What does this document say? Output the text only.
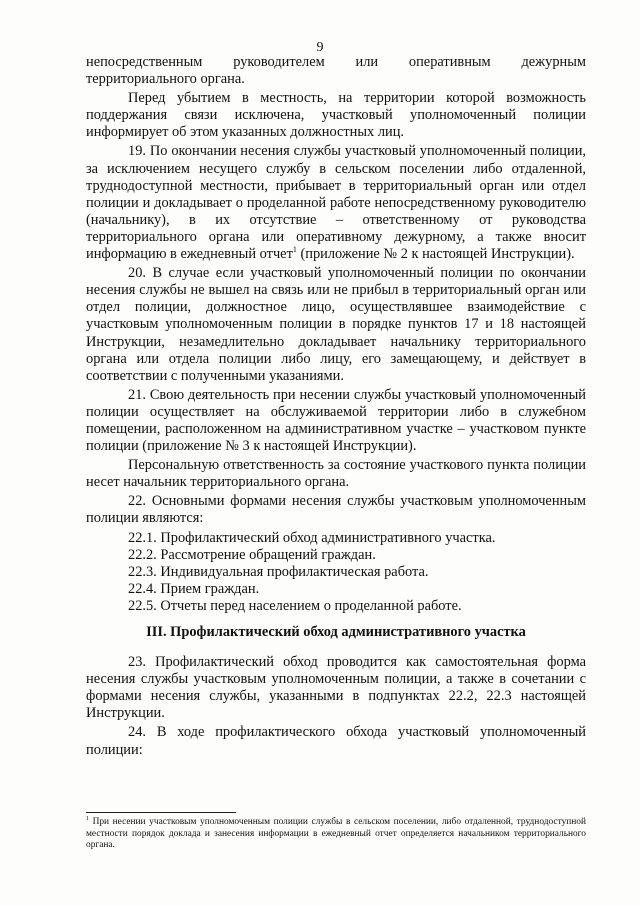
9

непосредственным руководителем или оперативным дежурным территориального органа.

Перед убытием в местность, на территории которой возможность поддержания связи исключена, участковый уполномоченный полиции информирует об этом указанных должностных лиц.

19. По окончании несения службы участковый уполномоченный полиции, за исключением несущего службу в сельском поселении либо отдаленной, труднодоступной местности, прибывает в территориальный орган или отдел полиции и докладывает о проделанной работе непосредственному руководителю (начальнику), в их отсутствие – ответственному от руководства территориального органа или оперативному дежурному, а также вносит информацию в ежедневный отчет$^1$ (приложение № 2 к настоящей Инструкции).

20. В случае если участковый уполномоченный полиции по окончании несения службы не вышел на связь или не прибыл в территориальный орган или отдел полиции, должностное лицо, осуществлявшее взаимодействие с участковым уполномоченным полиции в порядке пунктов 17 и 18 настоящей Инструкции, незамедлительно докладывает начальнику территориального органа или отдела полиции либо лицу, его замещающему, и действует в соответствии с полученными указаниями.

21. Свою деятельность при несении службы участковый уполномоченный полиции осуществляет на обслуживаемой территории либо в служебном помещении, расположенном на административном участке – участковом пункте полиции (приложение № 3 к настоящей Инструкции).

Персональную ответственность за состояние участкового пункта полиции несет начальник территориального органа.

22. Основными формами несения службы участковым уполномоченным полиции являются:

22.1. Профилактический обход административного участка.

22.2. Рассмотрение обращений граждан.

22.3. Индивидуальная профилактическая работа.

22.4. Прием граждан.

22.5. Отчеты перед населением о проделанной работе.

III. Профилактический обход административного участка

23. Профилактический обход проводится как самостоятельная форма несения службы участковым уполномоченным полиции, а также в сочетании с формами несения службы, указанными в подпунктах 22.2, 22.3 настоящей Инструкции.

24. В ходе профилактического обхода участковый уполномоченный полиции:

$^1$ При несении участковым уполномоченным полиции службы в сельском поселении, либо отдаленной, труднодоступной местности порядок доклада и занесения информации в ежедневный отчет определяется начальником территориального органа.
